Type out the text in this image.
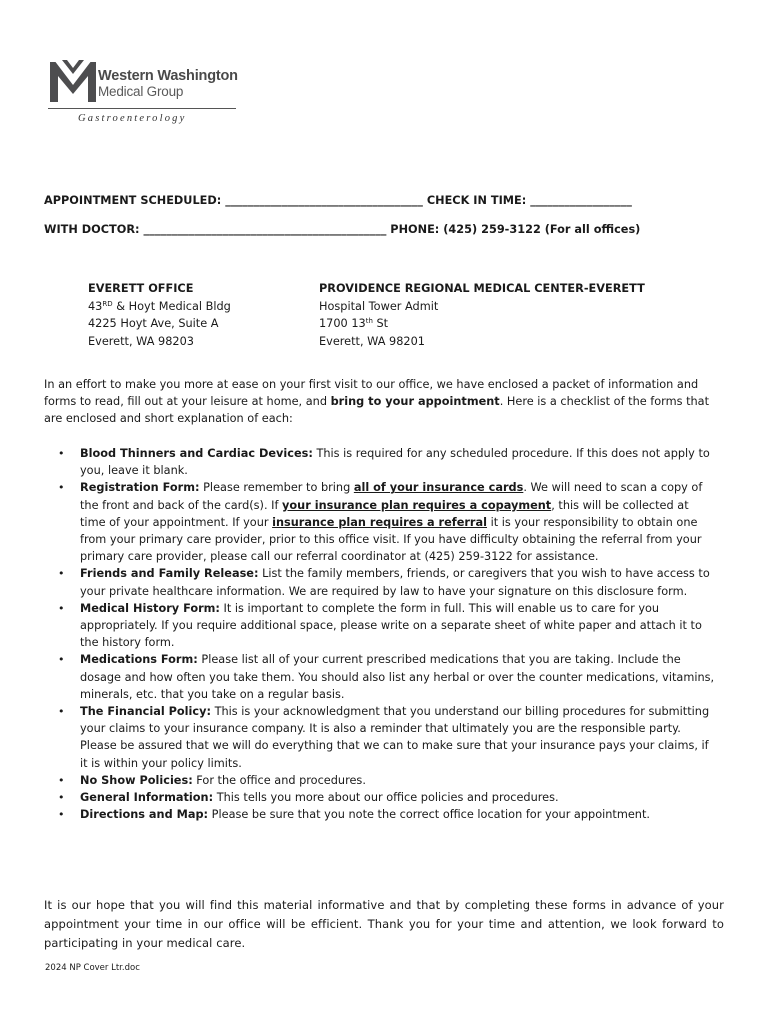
Western Washington
Medical Group
Gastroenterology
APPOINTMENT SCHEDULED: ___________________________________ CHECK IN TIME: __________________
WITH DOCTOR: ___________________________________________ PHONE: (425) 259-3122 (For all offices)
EVERETT OFFICE
43RD & Hoyt Medical Bldg
4225 Hoyt Ave, Suite A
Everett, WA 98203
PROVIDENCE REGIONAL MEDICAL CENTER-EVERETT
Hospital Tower Admit
1700 13th St
Everett, WA 98201
In an effort to make you more at ease on your first visit to our office, we have enclosed a packet of information and forms to read, fill out at your leisure at home, and bring to your appointment. Here is a checklist of the forms that are enclosed and short explanation of each:
• Blood Thinners and Cardiac Devices: This is required for any scheduled procedure. If this does not apply to you, leave it blank.
• Registration Form: Please remember to bring all of your insurance cards. We will need to scan a copy of the front and back of the card(s). If your insurance plan requires a copayment, this will be collected at time of your appointment. If your insurance plan requires a referral it is your responsibility to obtain one from your primary care provider, prior to this office visit. If you have difficulty obtaining the referral from your primary care provider, please call our referral coordinator at (425) 259-3122 for assistance.
• Friends and Family Release: List the family members, friends, or caregivers that you wish to have access to your private healthcare information. We are required by law to have your signature on this disclosure form.
• Medical History Form: It is important to complete the form in full. This will enable us to care for you appropriately. If you require additional space, please write on a separate sheet of white paper and attach it to the history form.
• Medications Form: Please list all of your current prescribed medications that you are taking. Include the dosage and how often you take them. You should also list any herbal or over the counter medications, vitamins, minerals, etc. that you take on a regular basis.
• The Financial Policy: This is your acknowledgment that you understand our billing procedures for submitting your claims to your insurance company. It is also a reminder that ultimately you are the responsible party. Please be assured that we will do everything that we can to make sure that your insurance pays your claims, if it is within your policy limits.
• No Show Policies: For the office and procedures.
• General Information: This tells you more about our office policies and procedures.
• Directions and Map: Please be sure that you note the correct office location for your appointment.
It is our hope that you will find this material informative and that by completing these forms in advance of your appointment your time in our office will be efficient. Thank you for your time and attention, we look forward to participating in your medical care.
2024 NP Cover Ltr.doc
